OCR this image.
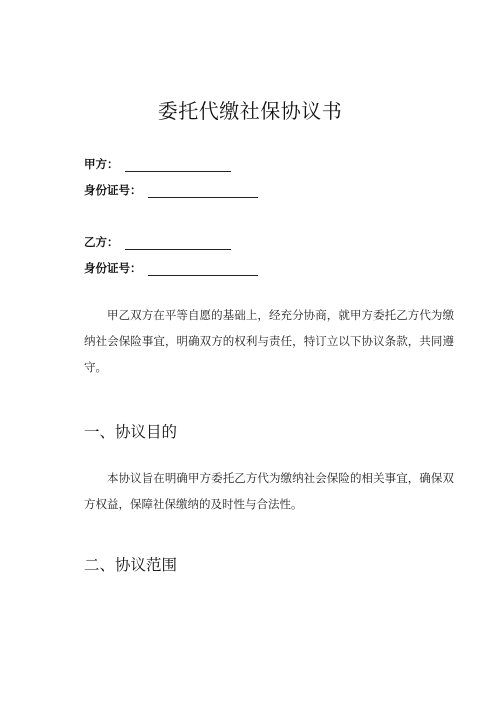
委托代缴社保协议书
甲方：
身份证号：
乙方：
身份证号：

甲乙双方在平等自愿的基础上，经充分协商，就甲方委托乙方代为缴纳社会保险事宜，明确双方的权利与责任，特订立以下协议条款，共同遵守。

一、协议目的

本协议旨在明确甲方委托乙方代为缴纳社会保险的相关事宜，确保双方权益，保障社保缴纳的及时性与合法性。

二、协议范围
